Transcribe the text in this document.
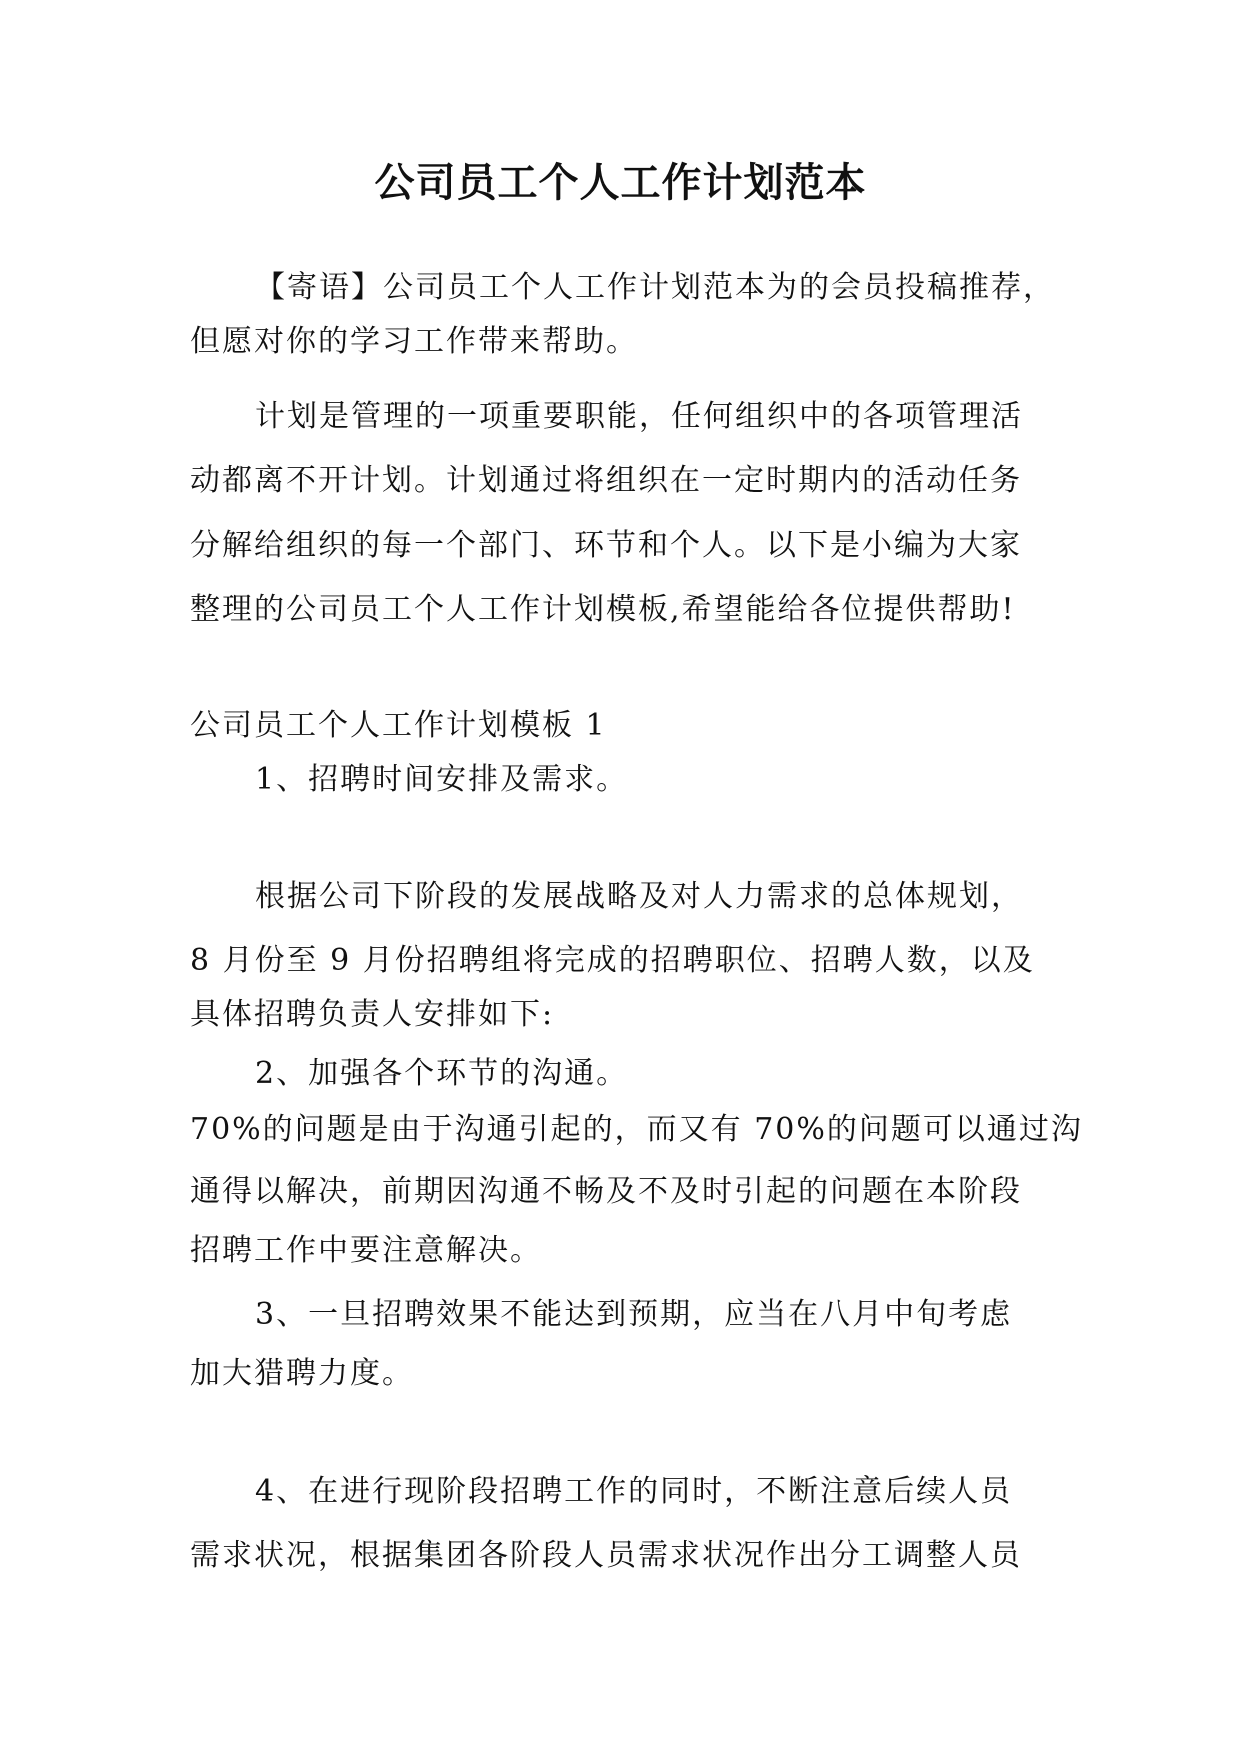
公司员工个人工作计划范本
【寄语】公司员工个人工作计划范本为的会员投稿推荐，
但愿对你的学习工作带来帮助。
计划是管理的一项重要职能，任何组织中的各项管理活
动都离不开计划。计划通过将组织在一定时期内的活动任务
分解给组织的每一个部门、环节和个人。以下是小编为大家
整理的公司员工个人工作计划模板,希望能给各位提供帮助!
公司员工个人工作计划模板 1
1、招聘时间安排及需求。
根据公司下阶段的发展战略及对人力需求的总体规划，
8 月份至 9 月份招聘组将完成的招聘职位、招聘人数，以及
具体招聘负责人安排如下:
2、加强各个环节的沟通。
70%的问题是由于沟通引起的，而又有 70%的问题可以通过沟
通得以解决，前期因沟通不畅及不及时引起的问题在本阶段
招聘工作中要注意解决。
3、一旦招聘效果不能达到预期，应当在八月中旬考虑
加大猎聘力度。
4、在进行现阶段招聘工作的同时，不断注意后续人员
需求状况，根据集团各阶段人员需求状况作出分工调整人员
